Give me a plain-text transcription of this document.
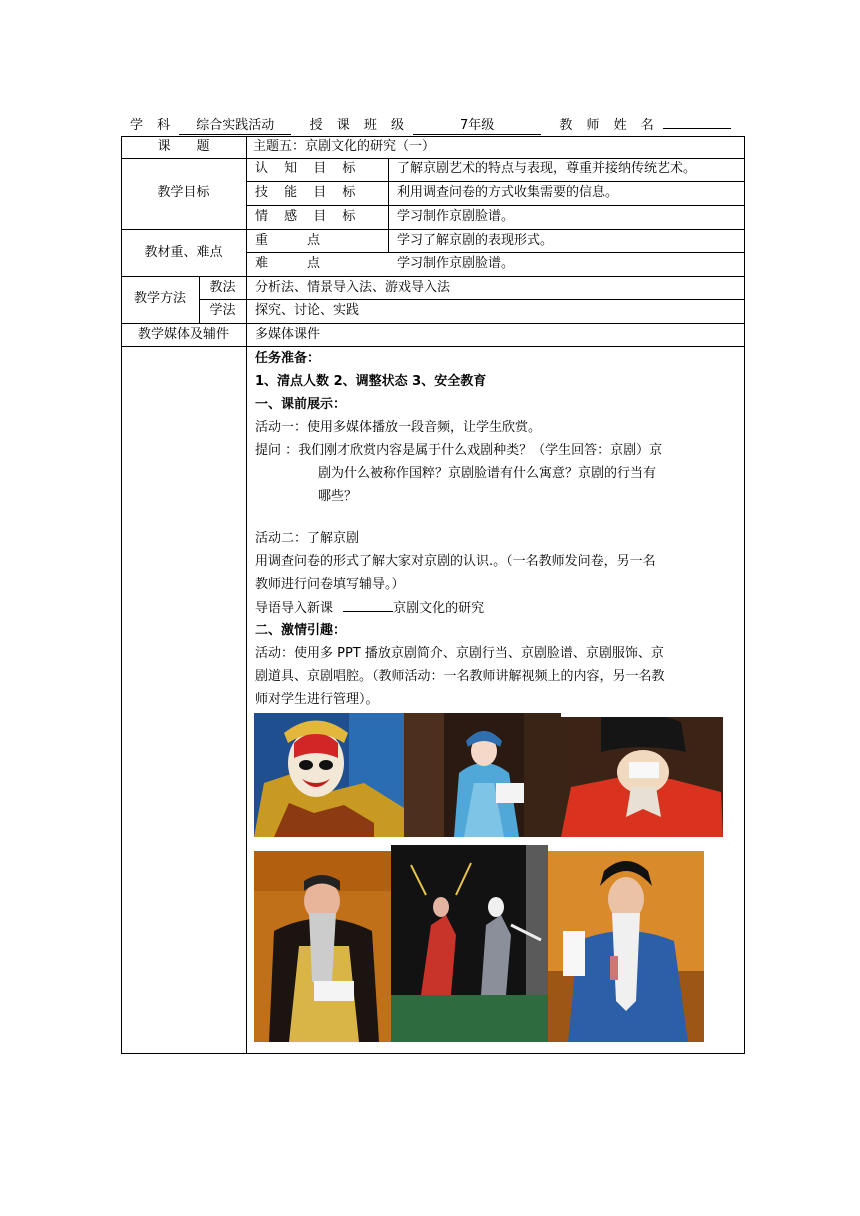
学 科 综合实践活动	授 课 班 级	7年级	教 师 姓 名
课　　题	主题五：京剧文化的研究（一）
教学目标
认 知 目 标	了解京剧艺术的特点与表现，尊重并接纳传统艺术。
技 能 目 标	利用调查问卷的方式收集需要的信息。
情 感 目 标	学习制作京剧脸谱。
教材重、难点
重　　　点	学习了解京剧的表现形式。
难　　　点	学习制作京剧脸谱。
教学方法
教法	分析法、情景导入法、游戏导入法
学法	探究、讨论、实践
教学媒体及辅件	多媒体课件
任务准备：
1、清点人数 2、调整状态 3、安全教育
一、课前展示：
活动一：使用多媒体播放一段音频，让学生欣赏。
提问 ：我们刚才欣赏内容是属于什么戏剧种类？（学生回答：京剧）京
剧为什么被称作国粹？京剧脸谱有什么寓意？京剧的行当有
哪些？
活动二：了解京剧
用调查问卷的形式了解大家对京剧的认识.。（一名教师发问卷，另一名
教师进行问卷填写辅导。）
导语导入新课	京剧文化的研究
二、激情引趣：
活动：使用多 PPT 播放京剧简介、京剧行当、京剧脸谱、京剧服饰、京
剧道具、京剧唱腔。（教师活动：一名教师讲解视频上的内容，另一名教
师对学生进行管理）。
